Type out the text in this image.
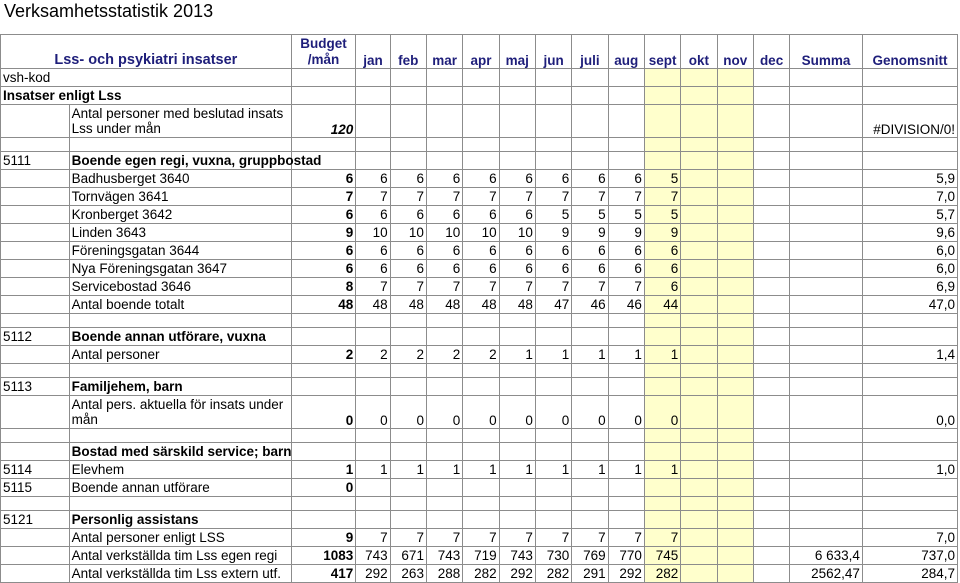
Verksamhetsstatistik 2013
Lss- och psykiatri insatser		Budget
/mån	jan	feb	mar	apr	maj	jun	juli	aug	sept	okt	nov	dec	Summa	Genomsnitt
vsh-kod																
Insatser enligt Lss																

	Antal personer med beslutad insats
Lss under mån	120														#DIVISION/0!

5111	Boende egen regi, vuxna, gruppbostad															
	Badhusberget 3640	6	6	6	6	6	6	6	6	6	5					5,9
	Tornvägen 3641	7	7	7	7	7	7	7	7	7	7					7,0
	Kronberget 3642	6	6	6	6	6	6	5	5	5	5					5,7
	Linden 3643	9	10	10	10	10	10	9	9	9	9					9,6
	Föreningsgatan 3644	6	6	6	6	6	6	6	6	6	6					6,0
	Nya Föreningsgatan 3647	6	6	6	6	6	6	6	6	6	6					6,0
	Servicebostad 3646	8	7	7	7	7	7	7	7	7	6					6,9
	Antal boende totalt	48	48	48	48	48	48	47	46	46	44					47,0

5112	Boende annan utförare, vuxna															
	Antal personer	2	2	2	2	2	1	1	1	1	1					1,4

5113	Familjehem, barn															

	Antal pers. aktuella för insats under
mån	0	0	0	0	0	0	0	0	0	0					0,0

	Bostad med särskild service; barn															
5114	Elevhem	1	1	1	1	1	1	1	1	1	1					1,0
5115	Boende annan utförare	0														

5121	Personlig assistans															
	Antal personer enligt LSS	9	7	7	7	7	7	7	7	7	7					7,0
	Antal verkställda tim Lss egen regi	1083	743	671	743	719	743	730	769	770	745				6 633,4	737,0
	Antal verkställda tim Lss extern utf.	417	292	263	288	282	292	282	291	292	282				2562,47	284,7
